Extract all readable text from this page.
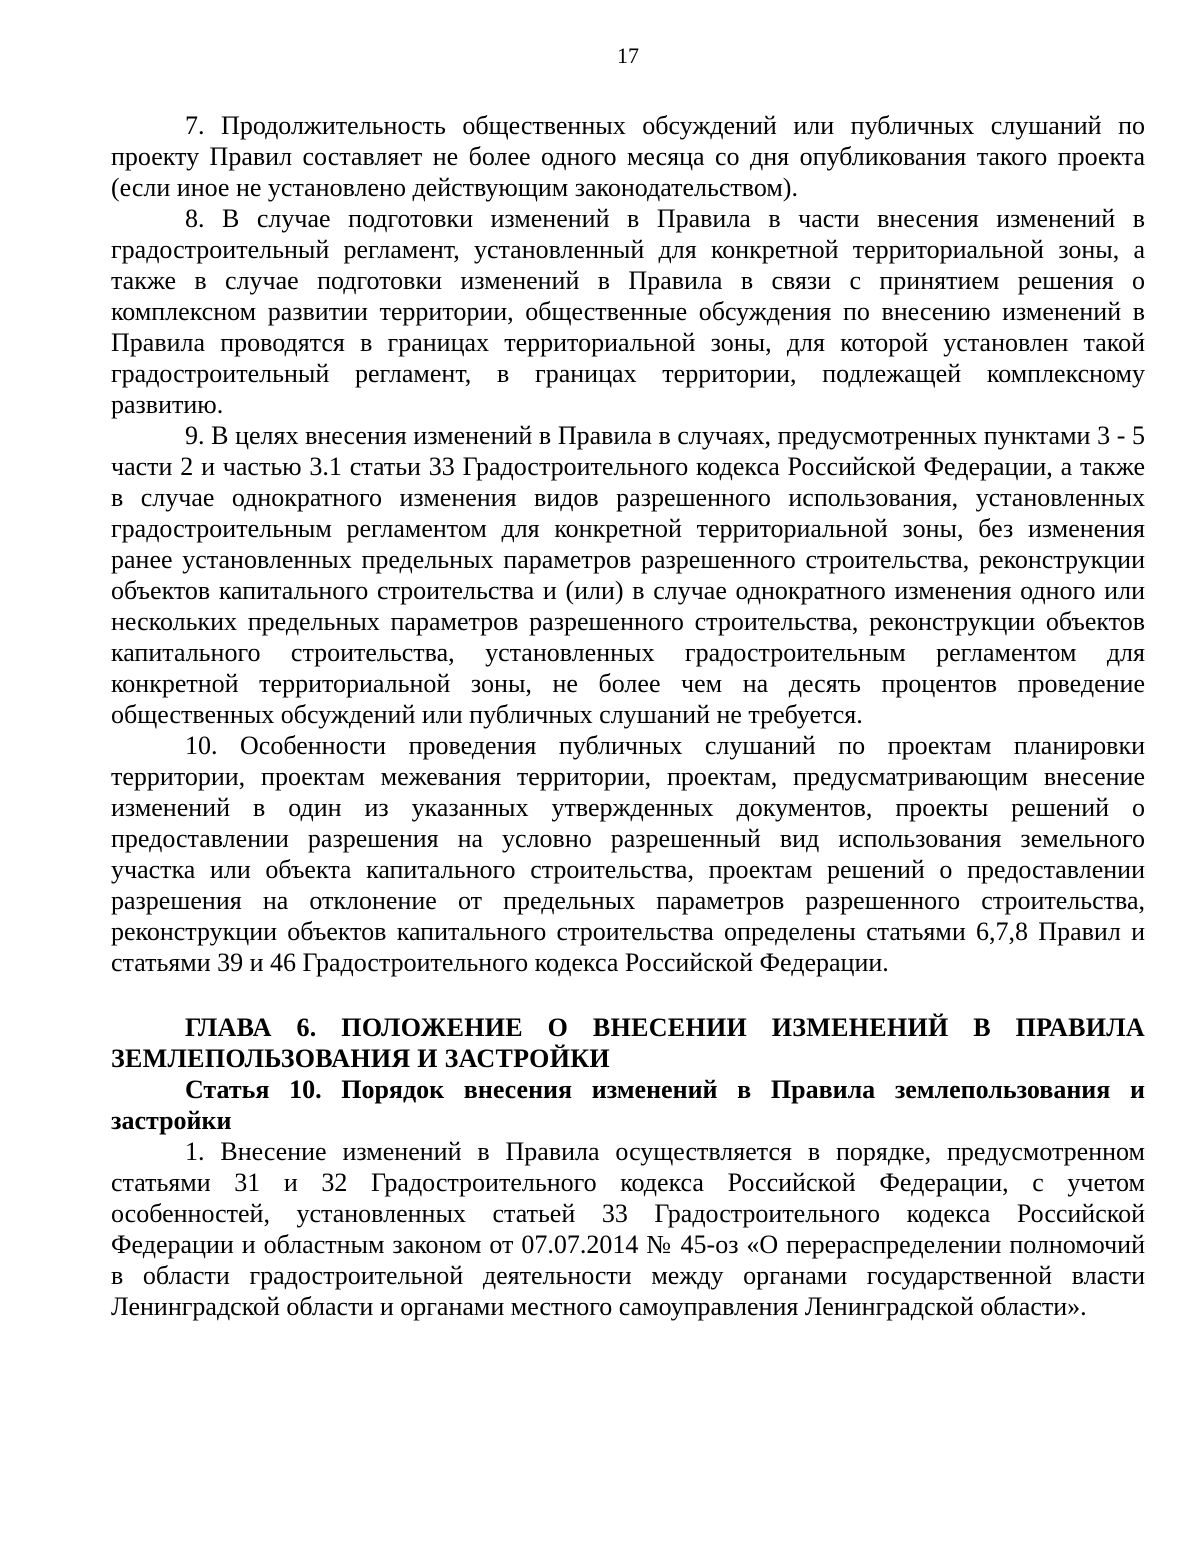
17

7. Продолжительность общественных обсуждений или публичных слушаний по проекту Правил составляет не более одного месяца со дня опубликования такого проекта (если иное не установлено действующим законодательством).

8. В случае подготовки изменений в Правила в части внесения изменений в градостроительный регламент, установленный для конкретной территориальной зоны, а также в случае подготовки изменений в Правила в связи с принятием решения о комплексном развитии территории, общественные обсуждения по внесению изменений в Правила проводятся в границах территориальной зоны, для которой установлен такой градостроительный регламент, в границах территории, подлежащей комплексному развитию.

9. В целях внесения изменений в Правила в случаях, предусмотренных пунктами 3 - 5 части 2 и частью 3.1 статьи 33 Градостроительного кодекса Российской Федерации, а также в случае однократного изменения видов разрешенного использования, установленных градостроительным регламентом для конкретной территориальной зоны, без изменения ранее установленных предельных параметров разрешенного строительства, реконструкции объектов капитального строительства и (или) в случае однократного изменения одного или нескольких предельных параметров разрешенного строительства, реконструкции объектов капитального строительства, установленных градостроительным регламентом для конкретной территориальной зоны, не более чем на десять процентов проведение общественных обсуждений или публичных слушаний не требуется.

10. Особенности проведения публичных слушаний по проектам планировки территории, проектам межевания территории, проектам, предусматривающим внесение изменений в один из указанных утвержденных документов, проекты решений о предоставлении разрешения на условно разрешенный вид использования земельного участка или объекта капитального строительства, проектам решений о предоставлении разрешения на отклонение от предельных параметров разрешенного строительства, реконструкции объектов капитального строительства определены статьями 6,7,8 Правил и статьями 39 и 46 Градостроительного кодекса Российской Федерации.

ГЛАВА 6. ПОЛОЖЕНИЕ О ВНЕСЕНИИ ИЗМЕНЕНИЙ В ПРАВИЛА ЗЕМЛЕПОЛЬЗОВАНИЯ И ЗАСТРОЙКИ

Статья 10. Порядок внесения изменений в Правила землепользования и застройки

1. Внесение изменений в Правила осуществляется в порядке, предусмотренном статьями 31 и 32 Градостроительного кодекса Российской Федерации, с учетом особенностей, установленных статьей 33 Градостроительного кодекса Российской Федерации и областным законом от 07.07.2014 № 45-оз «О перераспределении полномочий в области градостроительной деятельности между органами государственной власти Ленинградской области и органами местного самоуправления Ленинградской области».
